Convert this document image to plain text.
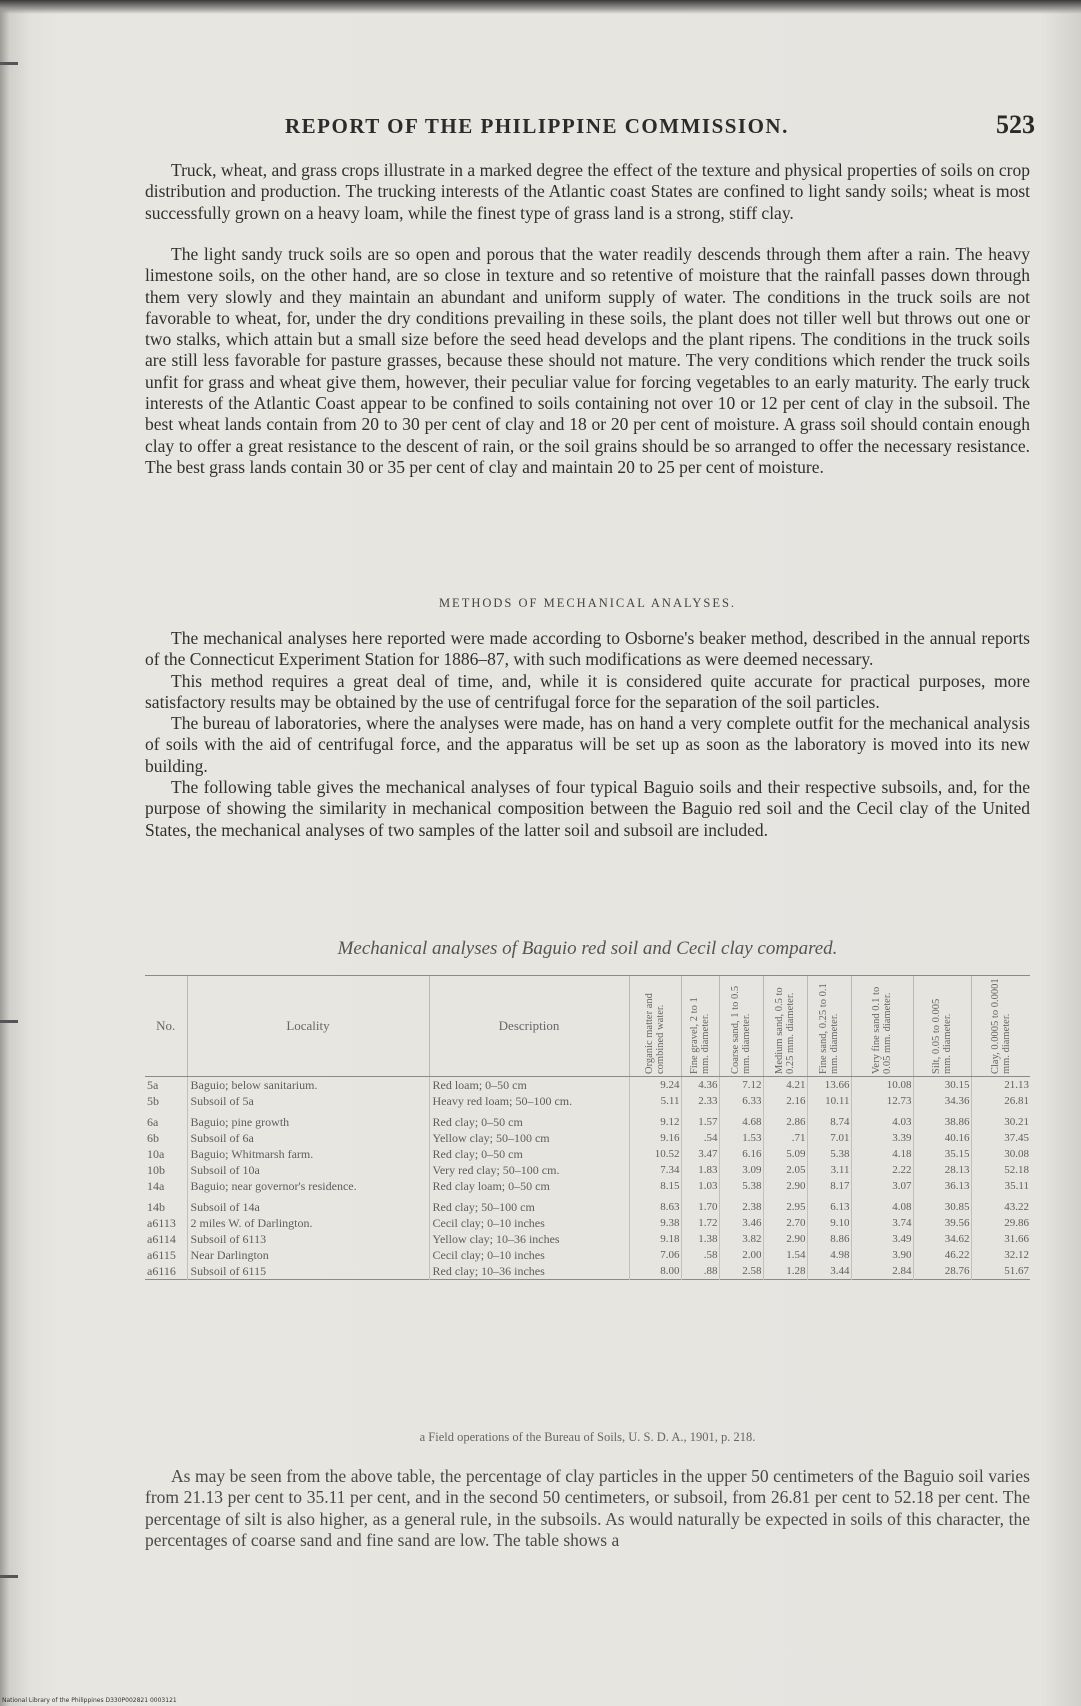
REPORT OF THE PHILIPPINE COMMISSION.	523

Truck, wheat, and grass crops illustrate in a marked degree the effect of the texture and physical properties of soils on crop distribution and production. The trucking interests of the Atlantic coast States are confined to light sandy soils; wheat is most successfully grown on a heavy loam, while the finest type of grass land is a strong, stiff clay.

The light sandy truck soils are so open and porous that the water readily descends through them after a rain. The heavy limestone soils, on the other hand, are so close in texture and so retentive of moisture that the rainfall passes down through them very slowly and they maintain an abundant and uniform supply of water. The conditions in the truck soils are not favorable to wheat, for, under the dry conditions prevailing in these soils, the plant does not tiller well but throws out one or two stalks, which attain but a small size before the seed head develops and the plant ripens. The conditions in the truck soils are still less favorable for pasture grasses, because these should not mature. The very conditions which render the truck soils unfit for grass and wheat give them, however, their peculiar value for forcing vegetables to an early maturity. The early truck interests of the Atlantic Coast appear to be confined to soils containing not over 10 or 12 per cent of clay in the subsoil. The best wheat lands contain from 20 to 30 per cent of clay and 18 or 20 per cent of moisture. A grass soil should contain enough clay to offer a great resistance to the descent of rain, or the soil grains should be so arranged to offer the necessary resistance. The best grass lands contain 30 or 35 per cent of clay and maintain 20 to 25 per cent of moisture.

METHODS OF MECHANICAL ANALYSES.

The mechanical analyses here reported were made according to Osborne's beaker method, described in the annual reports of the Connecticut Experiment Station for 1886–87, with such modifications as were deemed necessary.

This method requires a great deal of time, and, while it is considered quite accurate for practical purposes, more satisfactory results may be obtained by the use of centrifugal force for the separation of the soil particles.

The bureau of laboratories, where the analyses were made, has on hand a very complete outfit for the mechanical analysis of soils with the aid of centrifugal force, and the apparatus will be set up as soon as the laboratory is moved into its new building.

The following table gives the mechanical analyses of four typical Baguio soils and their respective subsoils, and, for the purpose of showing the similarity in mechanical composition between the Baguio red soil and the Cecil clay of the United States, the mechanical analyses of two samples of the latter soil and subsoil are included.

Mechanical analyses of Baguio red soil and Cecil clay compared.
No.	Locality	Description	Organic matter and combined water.	Fine gravel, 2 to 1 mm. diameter.	Coarse sand, 1 to 0.5 mm. diameter.	Medium sand, 0.5 to 0.25 mm. diameter.	Fine sand, 0.25 to 0.1 mm. diameter.	Very fine sand 0.1 to 0.05 mm. diameter.	Silt, 0.05 to 0.005 mm. diameter.	Clay, 0.0005 to 0.0001 mm. diameter.

5a	Baguio; below sanitarium.	Red loam; 0–50 cm	9.24	4.36	7.12	4.21	13.66	10.08	30.15	21.13
5b	Subsoil of 5a	Heavy red loam; 50–100 cm.	5.11	2.33	6.33	2.16	10.11	12.73	34.36	26.81
6a	Baguio; pine growth	Red clay; 0–50 cm	9.12	1.57	4.68	2.86	8.74	4.03	38.86	30.21
6b	Subsoil of 6a	Yellow clay; 50–100 cm	9.16	.54	1.53	.71	7.01	3.39	40.16	37.45
10a	Baguio; Whitmarsh farm.	Red clay; 0–50 cm	10.52	3.47	6.16	5.09	5.38	4.18	35.15	30.08
10b	Subsoil of 10a	Very red clay; 50–100 cm.	7.34	1.83	3.09	2.05	3.11	2.22	28.13	52.18
14a	Baguio; near governor's residence.	Red clay loam; 0–50 cm	8.15	1.03	5.38	2.90	8.17	3.07	36.13	35.11
14b	Subsoil of 14a	Red clay; 50–100 cm	8.63	1.70	2.38	2.95	6.13	4.08	30.85	43.22
a6113	2 miles W. of Darlington.	Cecil clay; 0–10 inches	9.38	1.72	3.46	2.70	9.10	3.74	39.56	29.86
a6114	Subsoil of 6113	Yellow clay; 10–36 inches	9.18	1.38	3.82	2.90	8.86	3.49	34.62	31.66
a6115	Near Darlington	Cecil clay; 0–10 inches	7.06	.58	2.00	1.54	4.98	3.90	46.22	32.12
a6116	Subsoil of 6115	Red clay; 10–36 inches	8.00	.88	2.58	1.28	3.44	2.84	28.76	51.67
a Field operations of the Bureau of Soils, U. S. D. A., 1901, p. 218.

As may be seen from the above table, the percentage of clay particles in the upper 50 centimeters of the Baguio soil varies from 21.13 per cent to 35.11 per cent, and in the second 50 centimeters, or subsoil, from 26.81 per cent to 52.18 per cent. The percentage of silt is also higher, as a general rule, in the subsoils. As would naturally be expected in soils of this character, the percentages of coarse sand and fine sand are low. The table shows a

National Library of the Philippines D330P002821 0003121
